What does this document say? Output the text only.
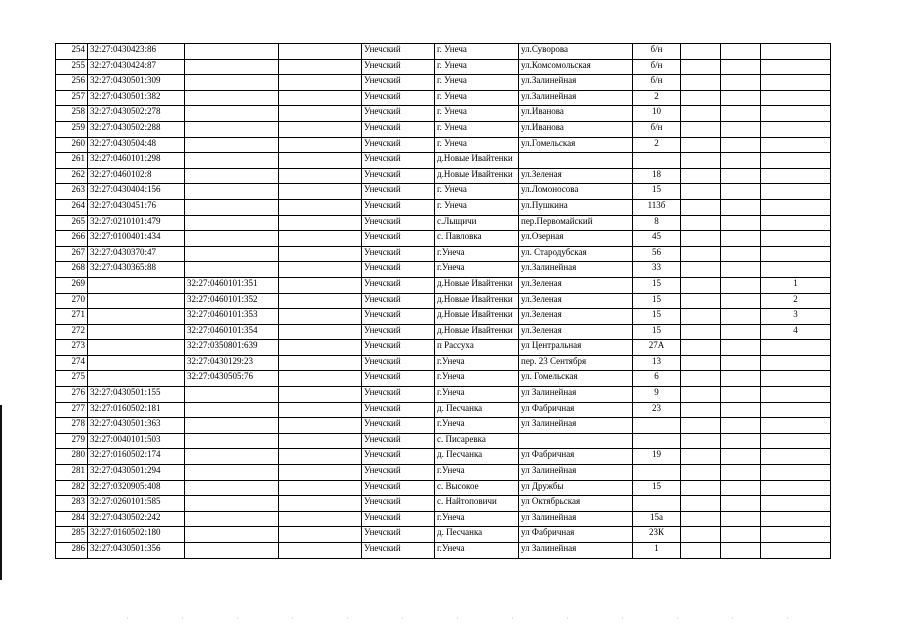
254	32:27:0430423:86			Унечский	г. Унеча	ул.Суворова	б/н			
255	32:27:0430424:87			Унечский	г. Унеча	ул.Комсомольская	б/н			
256	32:27:0430501:309			Унечский	г. Унеча	ул.Залинейная	б/н			
257	32:27:0430501:382			Унечский	г. Унеча	ул.Залинейная	2			
258	32:27:0430502:278			Унечский	г. Унеча	ул.Иванова	10			
259	32:27:0430502:288			Унечский	г. Унеча	ул.Иванова	б/н			
260	32:27:0430504:48			Унечский	г. Унеча	ул.Гомельская	2			
261	32:27:0460101:298			Унечский	д.Новые Ивайтенки					
262	32:27:0460102:8			Унечский	д.Новые Ивайтенки	ул.Зеленая	18			
263	32:27:0430404:156			Унечский	г. Унеча	ул.Ломоносова	15			
264	32:27:0430451:76			Унечский	г. Унеча	ул.Пушкина	113б			
265	32:27:0210101:479			Унечский	с.Лыщичи	пер.Первомайский	8			
266	32:27:0100401:434			Унечский	с. Павловка	ул.Озерная	45			
267	32:27:0430370:47			Унечский	г.Унеча	ул. Стародубская	56			
268	32:27:0430365:88			Унечский	г.Унеча	ул.Залинейная	33			
269		32:27:0460101:351		Унечский	д.Новые Ивайтенки	ул.Зеленая	15			1
270		32:27:0460101:352		Унечский	д.Новые Ивайтенки	ул.Зеленая	15			2
271		32:27:0460101:353		Унечский	д.Новые Ивайтенки	ул.Зеленая	15			3
272		32:27:0460101:354		Унечский	д.Новые Ивайтенки	ул.Зеленая	15			4
273		32:27:0350801:639		Унечский	п Рассуха	ул Центральная	27А			
274		32:27:0430129:23		Унечский	г.Унеча	пер. 23 Сентября	13			
275		32:27:0430505:76		Унечский	г.Унеча	ул. Гомельская	6			
276	32:27:0430501:155			Унечский	г.Унеча	ул Залинейная	9			
277	32:27:0160502:181			Унечский	д. Песчанка	ул Фабричная	23			
278	32:27:0430501:363			Унечский	г.Унеча	ул Залинейная				
279	32:27:0040101:503			Унечский	с. Писаревка					
280	32:27:0160502:174			Унечский	д. Песчанка	ул Фабричная	19			
281	32:27:0430501:294			Унечский	г.Унеча	ул Залинейная				
282	32:27:0320905:408			Унечский	с. Высокое	ул Дружбы	15			
283	32:27:0260101:585			Унечский	с. Найтоповичи	ул Октябрьская				
284	32:27:0430502:242			Унечский	г.Унеча	ул Залинейная	15а			
285	32:27:0160502:180			Унечский	д. Песчанка	ул Фабричная	23К			
286	32:27:0430501:356			Унечский	г.Унеча	ул Залинейная	1			
